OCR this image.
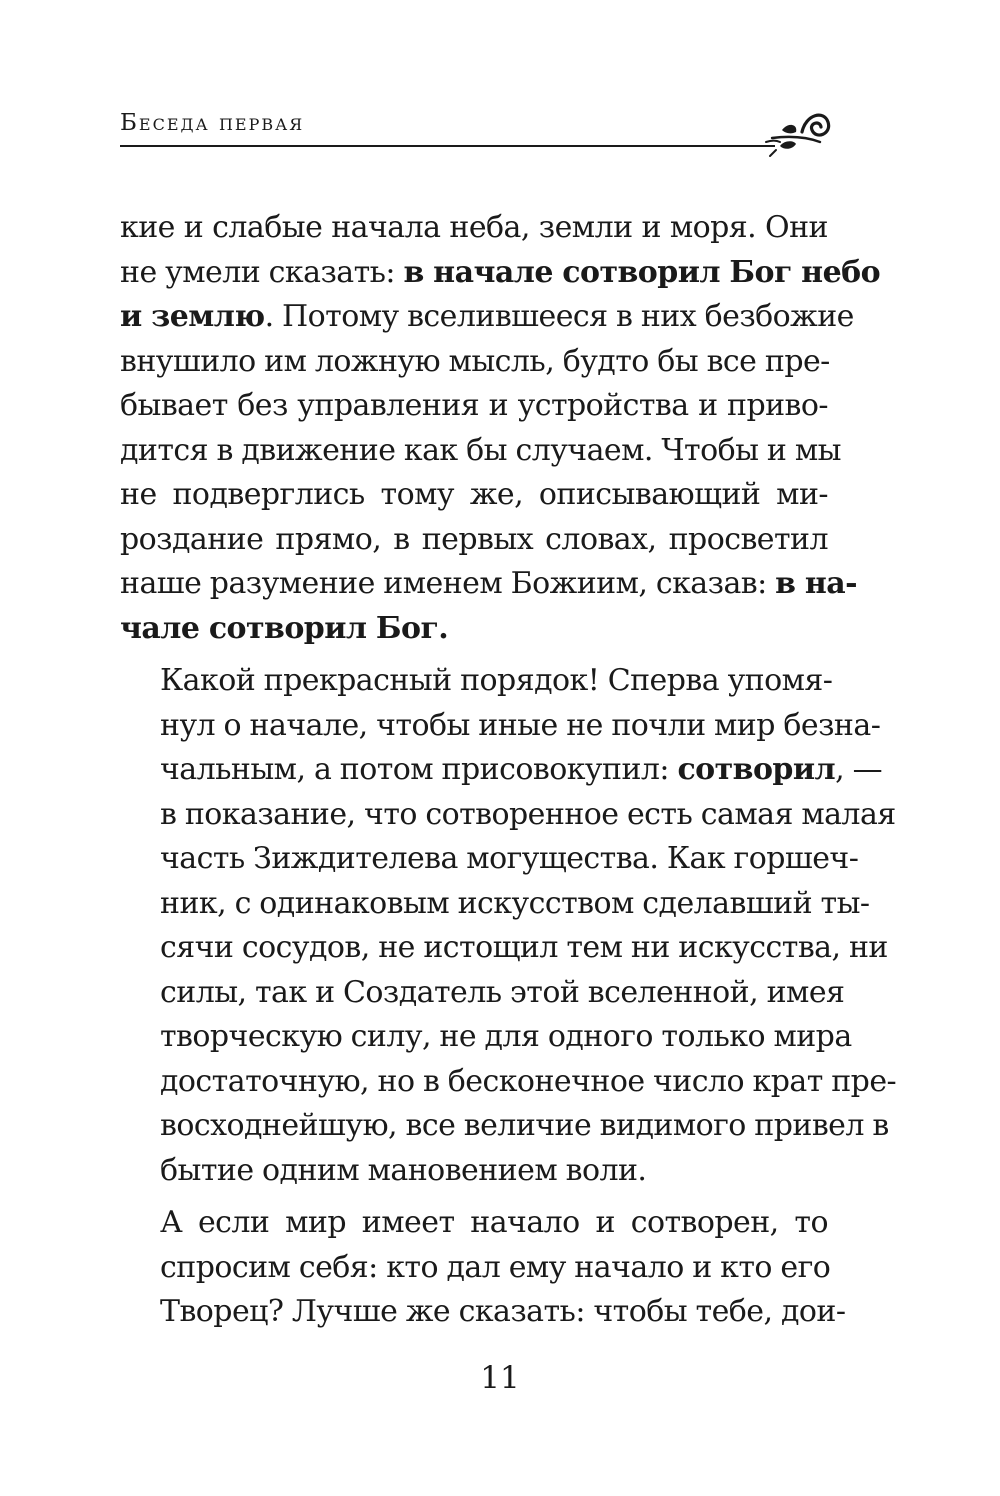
Беседа первая

кие и слабые начала неба, земли и моря. Они
не умели сказать: в начале сотворил Бог небо
и землю. Потому вселившееся в них безбожие
внушило им ложную мысль, будто бы все пре-
бывает без управления и устройства и приво-
дится в движение как бы случаем. Чтобы и мы
не подверглись тому же, описывающий ми-
роздание прямо, в первых словах, просветил
наше разумение именем Божиим, сказав: в на-
чале сотворил Бог.

Какой прекрасный порядок! Сперва упомя-
нул о начале, чтобы иные не почли мир безна-
чальным, а потом присовокупил: сотворил, —
в показание, что сотворенное есть самая малая
часть Зиждителева могущества. Как горшеч-
ник, с одинаковым искусством сделавший ты-
сячи сосудов, не истощил тем ни искусства, ни
силы, так и Создатель этой вселенной, имея
творческую силу, не для одного только мира
достаточную, но в бесконечное число крат пре-
восходнейшую, все величие видимого привел в
бытие одним мановением воли.

А если мир имеет начало и сотворен, то
спросим себя: кто дал ему начало и кто его
Творец? Лучше же сказать: чтобы тебе, дои-

11
